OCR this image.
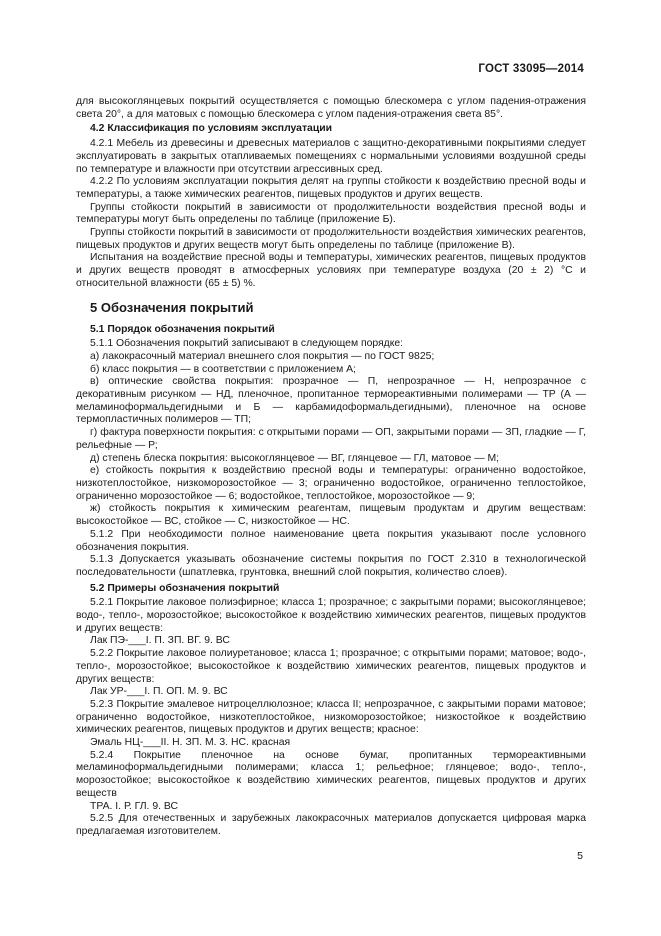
ГОСТ 33095—2014

для высокоглянцевых покрытий осуществляется с помощью блескомера с углом падения-отражения света 20°, а для матовых с помощью блескомера с углом падения-отражения света 85°.

4.2 Классификация по условиям эксплуатации

4.2.1 Мебель из древесины и древесных материалов с защитно-декоративными покрытиями следует эксплуатировать в закрытых отапливаемых помещениях с нормальными условиями воздушной среды по температуре и влажности при отсутствии агрессивных сред.

4.2.2 По условиям эксплуатации покрытия делят на группы стойкости к воздействию пресной воды и температуры, а также химических реагентов, пищевых продуктов и других веществ.

Группы стойкости покрытий в зависимости от продолжительности воздействия пресной воды и температуры могут быть определены по таблице (приложение Б).

Группы стойкости покрытий в зависимости от продолжительности воздействия химических реагентов, пищевых продуктов и других веществ могут быть определены по таблице (приложение В).

Испытания на воздействие пресной воды и температуры, химических реагентов, пищевых продуктов и других веществ проводят в атмосферных условиях при температуре воздуха (20 ± 2) °С и относительной влажности (65 ± 5) %.

5 Обозначения покрытий

5.1 Порядок обозначения покрытий

5.1.1 Обозначения покрытий записывают в следующем порядке:

а) лакокрасочный материал внешнего слоя покрытия — по ГОСТ 9825;

б) класс покрытия — в соответствии с приложением А;

в) оптические свойства покрытия: прозрачное — П, непрозрачное — Н, непрозрачное с декоративным рисунком — НД, пленочное, пропитанное термореактивными полимерами — ТР (А — меламиноформальдегидными и Б — карбамидоформальдегидными), пленочное на основе термопластичных полимеров — ТП;

г) фактура поверхности покрытия: с открытыми порами — ОП, закрытыми порами — ЗП, гладкие — Г, рельефные — Р;

д) степень блеска покрытия: высокоглянцевое — ВГ, глянцевое — ГЛ, матовое — М;

е) стойкость покрытия к воздействию пресной воды и температуры: ограниченно водостойкое, низкотеплостойкое, низкоморозостойкое — 3; ограниченно водостойкое, ограниченно теплостойкое, ограниченно морозостойкое — 6; водостойкое, теплостойкое, морозостойкое — 9;

ж) стойкость покрытия к химическим реагентам, пищевым продуктам и другим веществам: высокостойкое — ВС, стойкое — С, низкостойкое — НС.

5.1.2 При необходимости полное наименование цвета покрытия указывают после условного обозначения покрытия.

5.1.3 Допускается указывать обозначение системы покрытия по ГОСТ 2.310 в технологической последовательности (шпатлевка, грунтовка, внешний слой покрытия, количество слоев).

5.2 Примеры обозначения покрытий

5.2.1 Покрытие лаковое полиэфирное; класса 1; прозрачное; с закрытыми порами; высокоглянцевое; водо-, тепло-, морозостойкое; высокостойкое к воздействию химических реагентов, пищевых продуктов и других веществ:

Лак ПЭ-___I. П. ЗП. ВГ. 9. ВС

5.2.2 Покрытие лаковое полиуретановое; класса 1; прозрачное; с открытыми порами; матовое; водо-, тепло-, морозостойкое; высокостойкое к воздействию химических реагентов, пищевых продуктов и других веществ:

Лак УР-___I. П. ОП. М. 9. ВС

5.2.3 Покрытие эмалевое нитроцеллюлозное; класса II; непрозрачное, с закрытыми порами матовое; ограниченно водостойкое, низкотеплостойкое, низкоморозостойкое; низкостойкое к воздействию химических реагентов, пищевых продуктов и других веществ; красное:

Эмаль НЦ-___II. Н. ЗП. М. 3. НС. красная

5.2.4 Покрытие пленочное на основе бумаг, пропитанных термореактивными меламиноформальдегидными полимерами; класса 1; рельефное; глянцевое; водо-, тепло-, морозостойкое; высокостойкое к воздействию химических реагентов, пищевых продуктов и других веществ

ТРА. I. Р. ГЛ. 9. ВС

5.2.5 Для отечественных и зарубежных лакокрасочных материалов допускается цифровая марка предлагаемая изготовителем.

5
